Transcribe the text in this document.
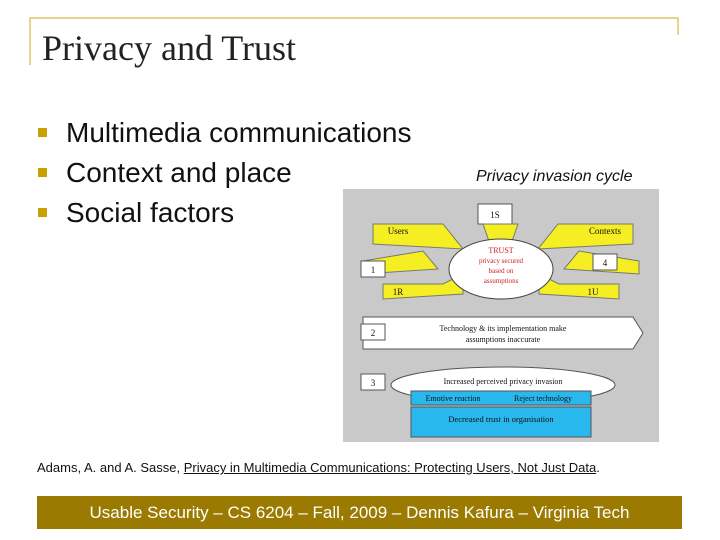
Privacy and Trust
Multimedia communications
Context and place
Social factors
Privacy invasion cycle
1S
Users	Contexts
TRUST
privacy secured
based on
assumptions
1
4
1R	1U
2	Technology & its implementation make
assumptions inaccurate
3	Increased perceived privacy invasion
Emotive reaction	Reject technology
Decreased trust in organisation
Adams, A. and A. Sasse, Privacy in Multimedia Communications: Protecting Users, Not Just Data.
Usable Security – CS 6204 – Fall, 2009 – Dennis Kafura – Virginia Tech
